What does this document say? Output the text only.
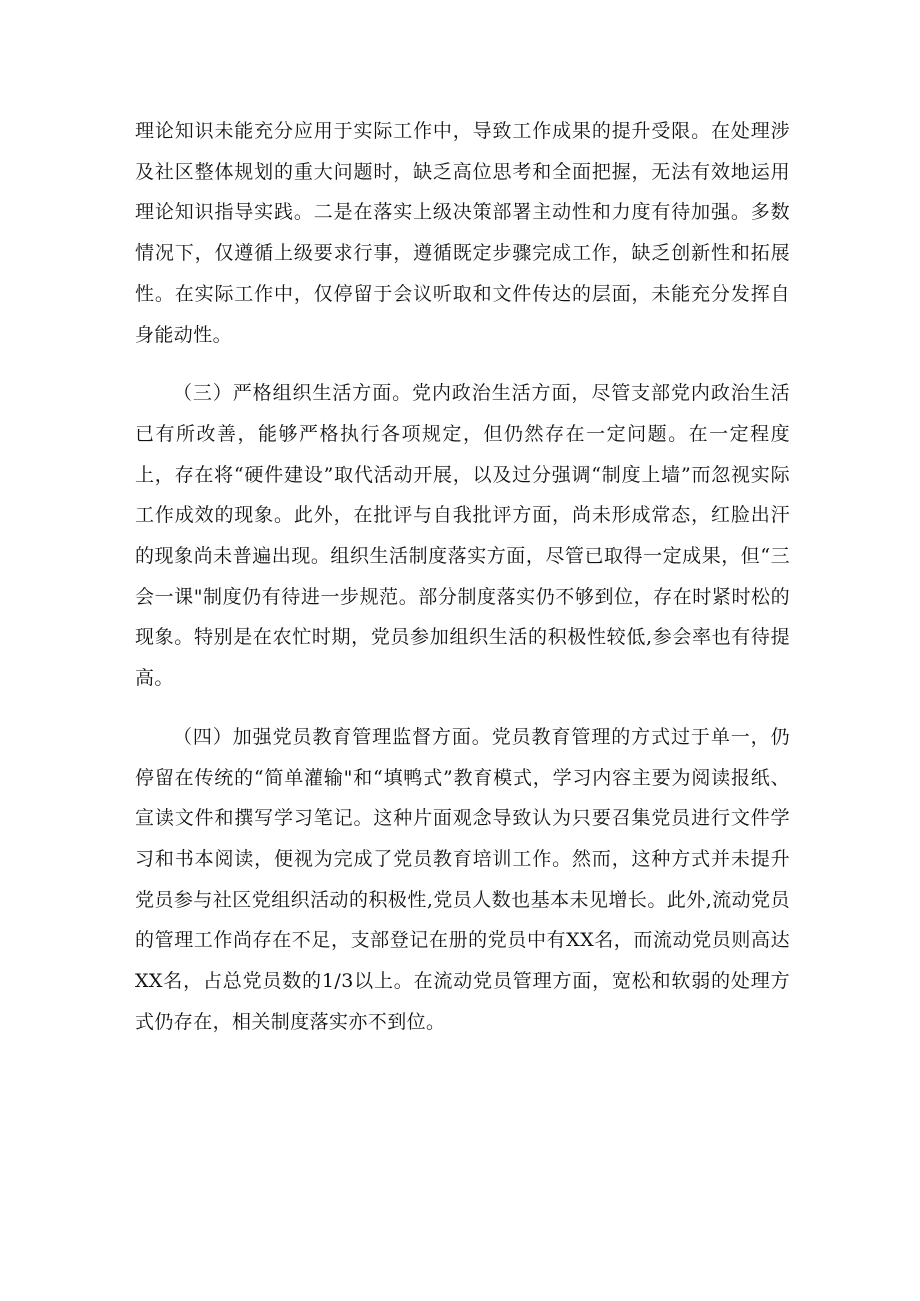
理论知识未能充分应用于实际工作中，导致工作成果的提升受限。在处理涉及社区整体规划的重大问题时，缺乏高位思考和全面把握，无法有效地运用理论知识指导实践。二是在落实上级决策部署主动性和力度有待加强。多数情况下，仅遵循上级要求行事，遵循既定步骤完成工作，缺乏创新性和拓展性。在实际工作中，仅停留于会议听取和文件传达的层面，未能充分发挥自身能动性。

（三）严格组织生活方面。党内政治生活方面，尽管支部党内政治生活已有所改善，能够严格执行各项规定，但仍然存在一定问题。在一定程度上，存在将“硬件建设”取代活动开展，以及过分强调“制度上墙”而忽视实际工作成效的现象。此外，在批评与自我批评方面，尚未形成常态，红脸出汗的现象尚未普遍出现。组织生活制度落实方面，尽管已取得一定成果，但“三会一课"制度仍有待进一步规范。部分制度落实仍不够到位，存在时紧时松的现象。特别是在农忙时期，党员参加组织生活的积极性较低,参会率也有待提高。

（四）加强党员教育管理监督方面。党员教育管理的方式过于单一，仍停留在传统的“简单灌输"和“填鸭式”教育模式，学习内容主要为阅读报纸、宣读文件和撰写学习笔记。这种片面观念导致认为只要召集党员进行文件学习和书本阅读，便视为完成了党员教育培训工作。然而，这种方式并未提升党员参与社区党组织活动的积极性,党员人数也基本未见增长。此外,流动党员的管理工作尚存在不足，支部登记在册的党员中有XX名，而流动党员则高达XX名，占总党员数的1/3以上。在流动党员管理方面，宽松和软弱的处理方式仍存在，相关制度落实亦不到位。
